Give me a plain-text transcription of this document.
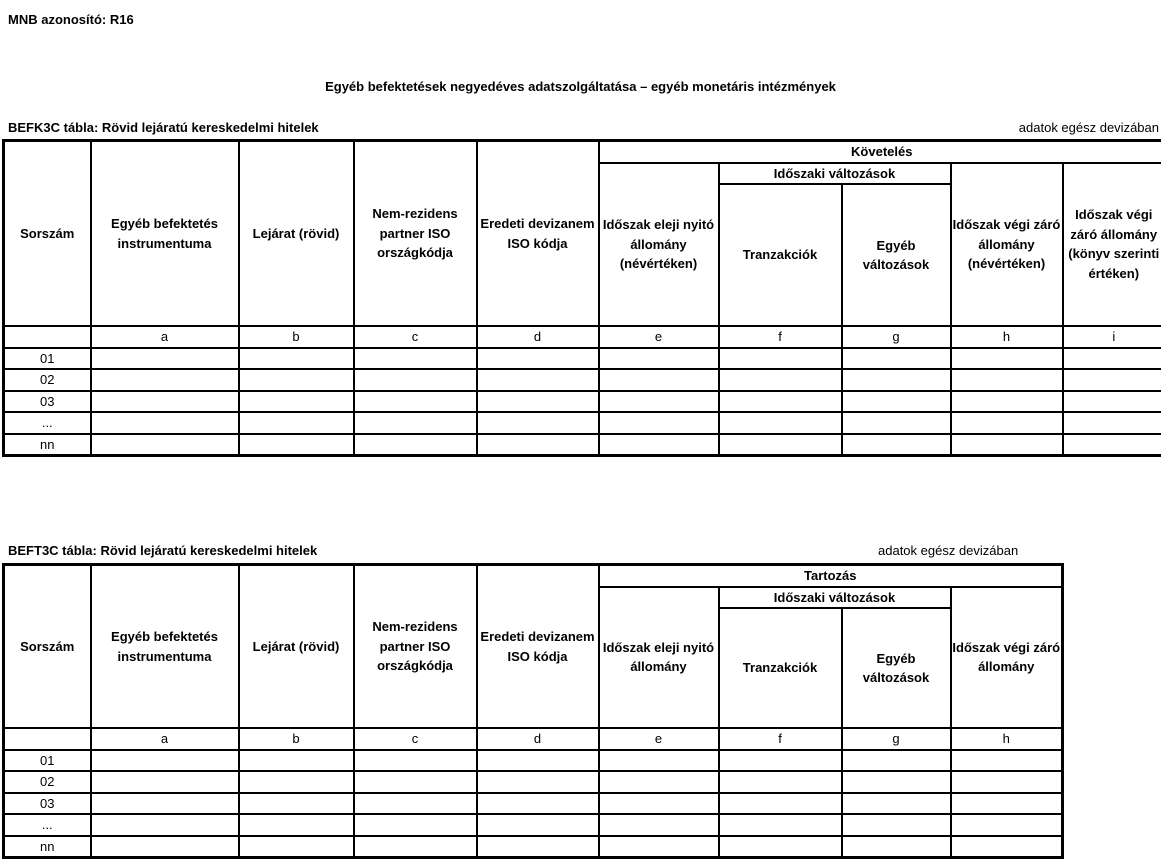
MNB azonosító: R16
Egyéb befektetések negyedéves adatszolgáltatása – egyéb monetáris intézmények
BEFK3C tábla: Rövid lejáratú kereskedelmi hitelek	adatok egész devizában
Sorszám	Egyéb befektetés instrumentuma	Lejárat (rövid)	Nem-rezidens partner ISO országkódja	Eredeti devizanem ISO kódja	Követelés				
					Időszak eleji nyitó állomány (névértéken)	Időszaki változások		Időszak végi záró állomány (névértéken)	Időszak végi záró állomány (könyv szerinti értéken)
						Tranzakciók	Egyéb változások		
	a	b	c	d	e	f	g	h	i
01									
02									
03									
...									
nn									
BEFT3C tábla: Rövid lejáratú kereskedelmi hitelek	adatok egész devizában
Sorszám	Egyéb befektetés instrumentuma	Lejárat (rövid)	Nem-rezidens partner ISO országkódja	Eredeti devizanem ISO kódja	Tartozás			
					Időszak eleji nyitó állomány	Időszaki változások		Időszak végi záró állomány
						Tranzakciók	Egyéb változások	
	a	b	c	d	e	f	g	h
01								
02								
03								
...								
nn								
